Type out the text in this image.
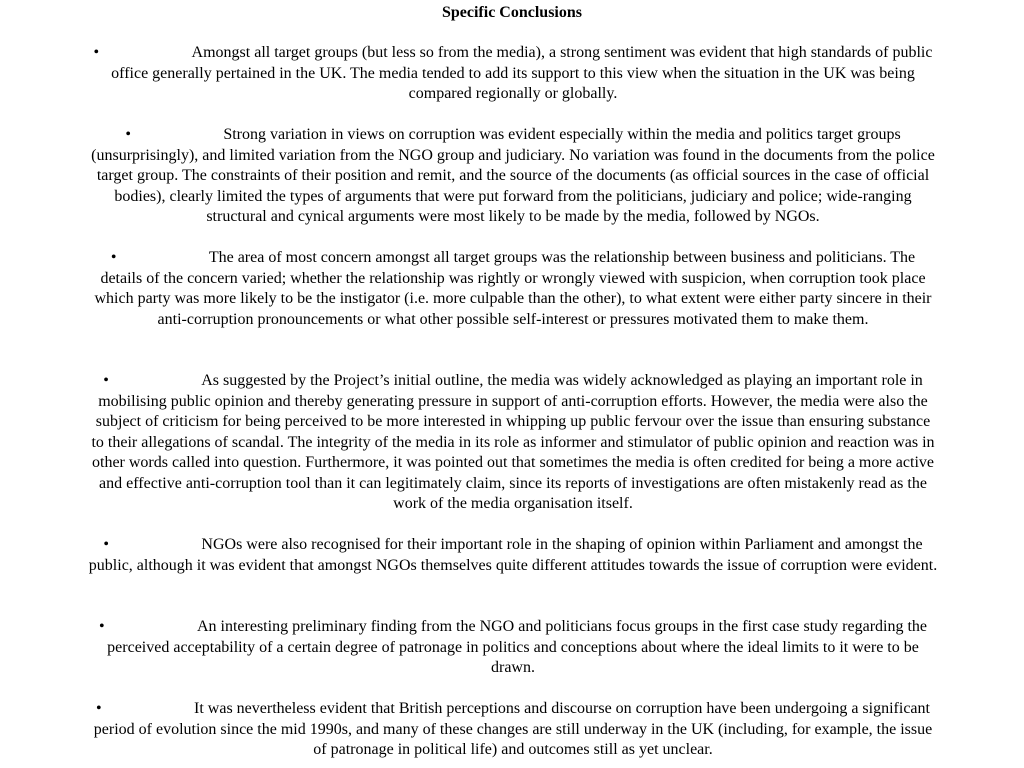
Specific Conclusions
•	Amongst all target groups (but less so from the media), a strong sentiment was evident that high standards of public office generally pertained in the UK. The media tended to add its support to this view when the situation in the UK was being compared regionally or globally.
•	Strong variation in views on corruption was evident especially within the media and politics target groups (unsurprisingly), and limited variation from the NGO group and judiciary. No variation was found in the documents from the police target group. The constraints of their position and remit, and the source of the documents (as official sources in the case of official bodies), clearly limited the types of arguments that were put forward from the politicians, judiciary and police; wide-ranging structural and cynical arguments were most likely to be made by the media, followed by NGOs.
•	The area of most concern amongst all target groups was the relationship between business and politicians. The details of the concern varied; whether the relationship was rightly or wrongly viewed with suspicion, when corruption took place which party was more likely to be the instigator (i.e. more culpable than the other), to what extent were either party sincere in their anti-corruption pronouncements or what other possible self-interest or pressures motivated them to make them.
•	As suggested by the Project’s initial outline, the media was widely acknowledged as playing an important role in mobilising public opinion and thereby generating pressure in support of anti-corruption efforts. However, the media were also the subject of criticism for being perceived to be more interested in whipping up public fervour over the issue than ensuring substance to their allegations of scandal. The integrity of the media in its role as informer and stimulator of public opinion and reaction was in other words called into question. Furthermore, it was pointed out that sometimes the media is often credited for being a more active and effective anti-corruption tool than it can legitimately claim, since its reports of investigations are often mistakenly read as the work of the media organisation itself.
•	NGOs were also recognised for their important role in the shaping of opinion within Parliament and amongst the public, although it was evident that amongst NGOs themselves quite different attitudes towards the issue of corruption were evident.
•	An interesting preliminary finding from the NGO and politicians focus groups in the first case study regarding the perceived acceptability of a certain degree of patronage in politics and conceptions about where the ideal limits to it were to be drawn.
•	It was nevertheless evident that British perceptions and discourse on corruption have been undergoing a significant period of evolution since the mid 1990s, and many of these changes are still underway in the UK (including, for example, the issue of patronage in political life) and outcomes still as yet unclear.
